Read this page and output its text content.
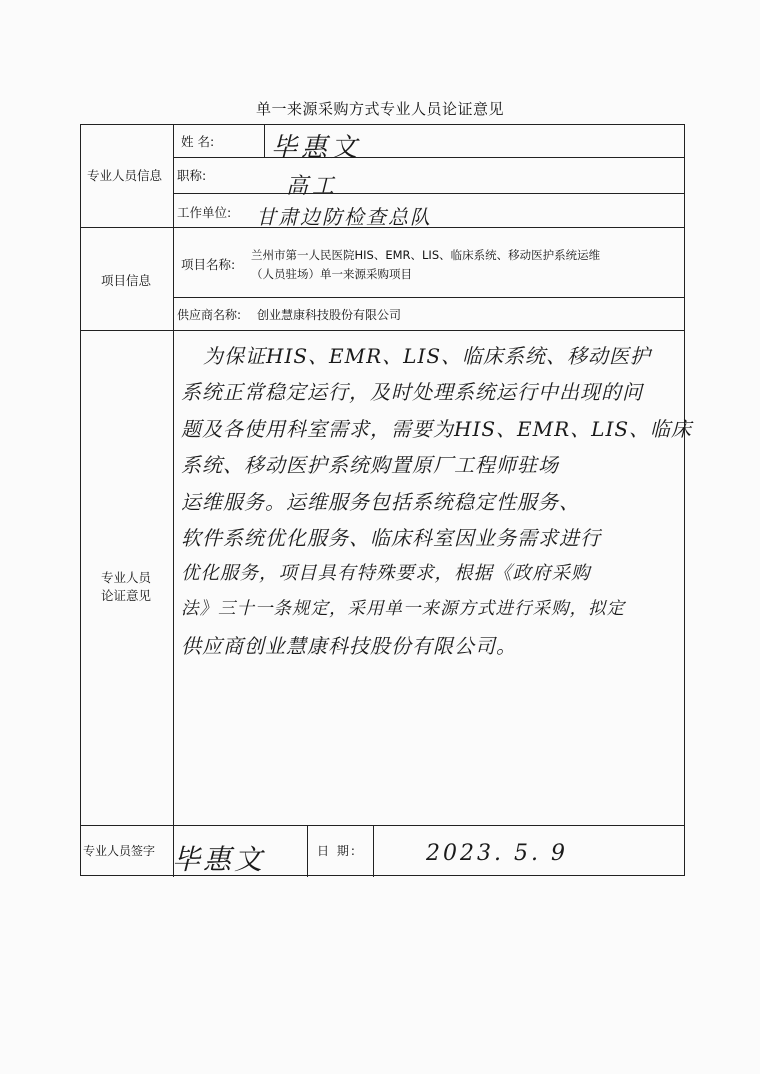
单一来源采购方式专业人员论证意见
专业人员信息
姓 名:
职称:
工作单位:
毕惠文
高工
甘肃边防检查总队
项目信息
项目名称:
兰州市第一人民医院HIS、EMR、LIS、临床系统、移动医护系统运维
（人员驻场）单一来源采购项目
供应商名称: 创业慧康科技股份有限公司
专业人员
论证意见
为保证HIS、EMR、LIS、临床系统、移动医护
系统正常稳定运行，及时处理系统运行中出现的问
题及各使用科室需求，需要为HIS、EMR、LIS、临床
系统、移动医护系统购置原厂工程师驻场
运维服务。运维服务包括系统稳定性服务、
软件系统优化服务、临床科室因业务需求进行
优化服务，项目具有特殊要求，根据《政府采购
法》三十一条规定，采用单一来源方式进行采购，拟定
供应商创业慧康科技股份有限公司。
专业人员签字	日 期:	2023. 5. 9
毕惠文
